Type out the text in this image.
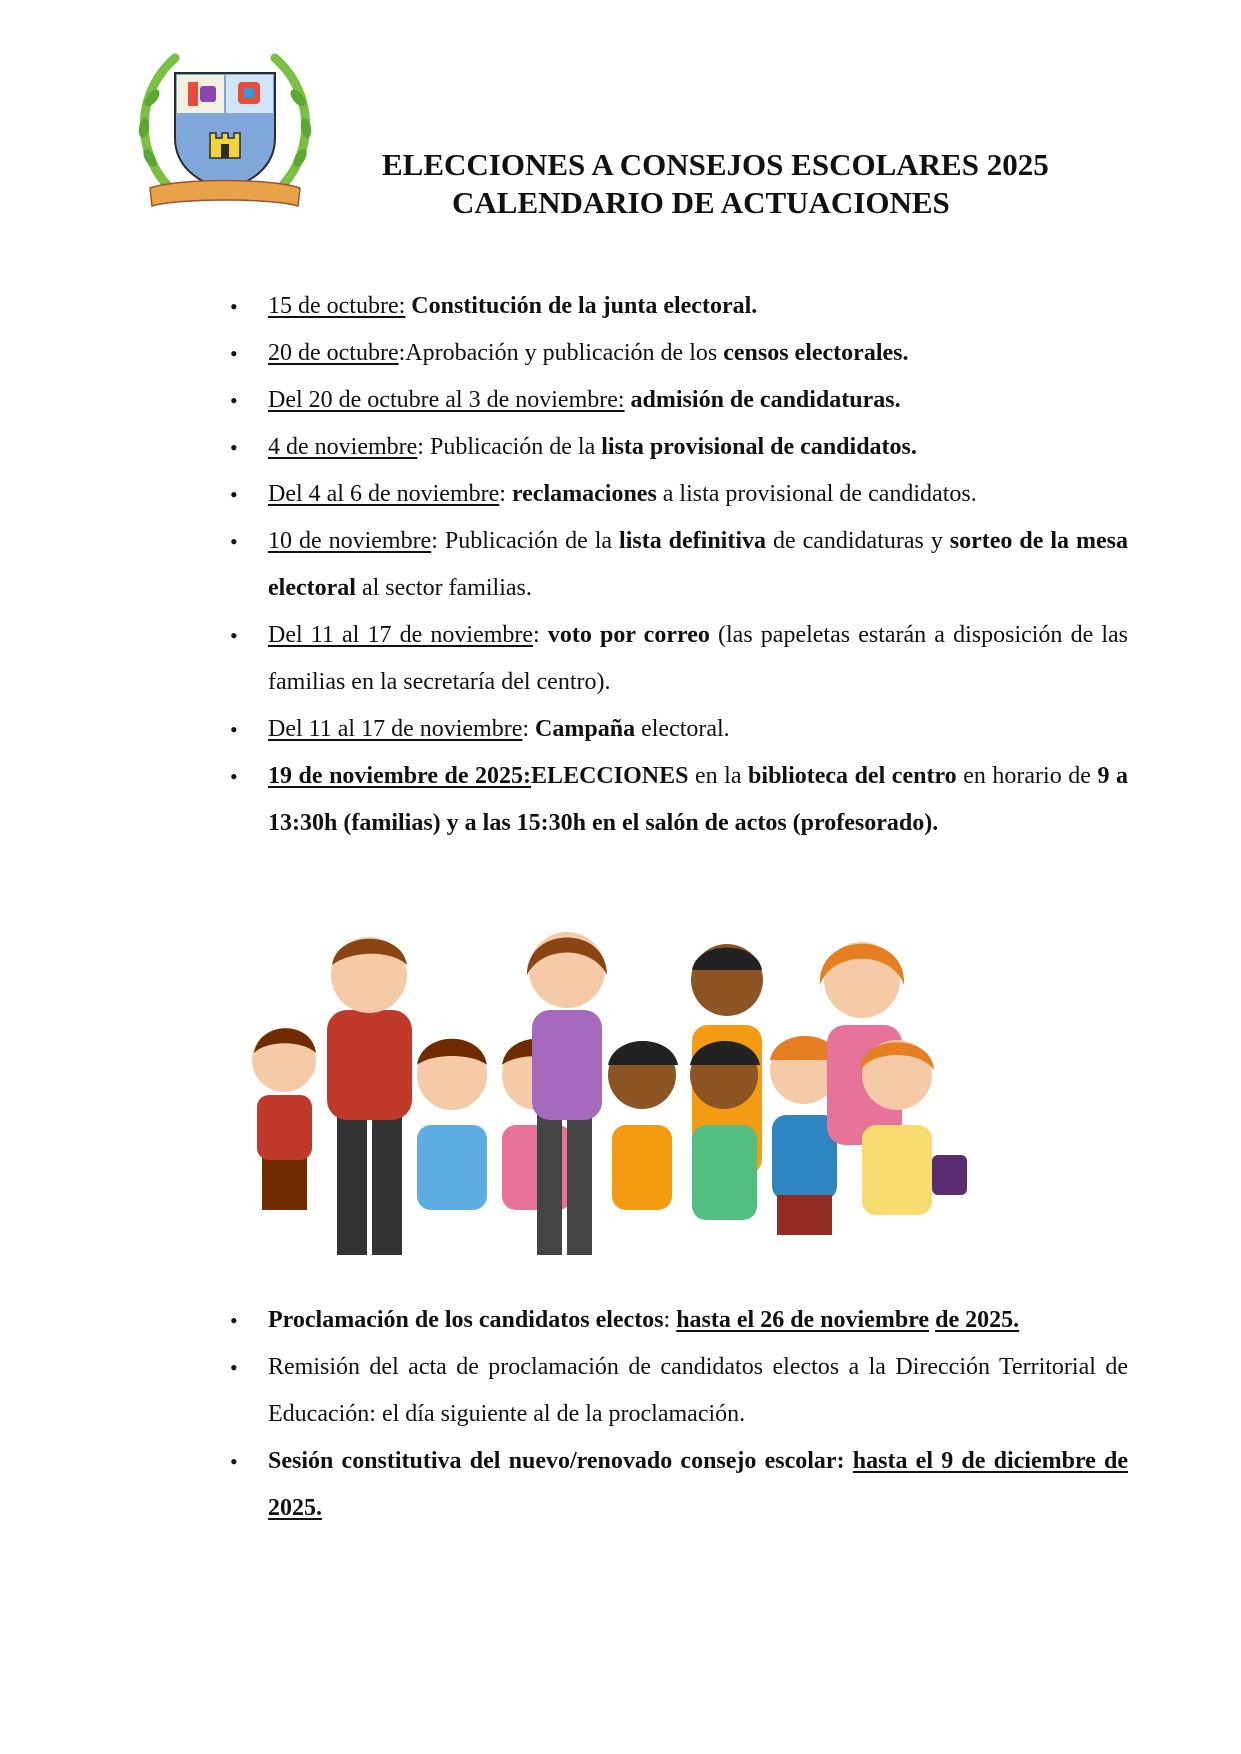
ELECCIONES A CONSEJOS ESCOLARES 2025

CALENDARIO DE ACTUACIONES

• 15 de octubre: Constitución de la junta electoral.
• 20 de octubre:Aprobación y publicación de los censos electorales.
• Del 20 de octubre al 3 de noviembre: admisión de candidaturas.
• 4 de noviembre: Publicación de la lista provisional de candidatos.
• Del 4 al 6 de noviembre: reclamaciones a lista provisional de candidatos.
• 10 de noviembre: Publicación de la lista definitiva de candidaturas y sorteo de la mesa electoral al sector familias.
• Del 11 al 17 de noviembre: voto por correo (las papeletas estarán a disposición de las familias en la secretaría del centro).
• Del 11 al 17 de noviembre: Campaña electoral.
• 19 de noviembre de 2025:ELECCIONES en la biblioteca del centro en horario de 9 a 13:30h (familias) y a las 15:30h en el salón de actos (profesorado).
• Proclamación de los candidatos electos: hasta el 26 de noviembre de 2025.
• Remisión del acta de proclamación de candidatos electos a la Dirección Territorial de Educación: el día siguiente al de la proclamación.
• Sesión constitutiva del nuevo/renovado consejo escolar: hasta el 9 de diciembre de 2025.
